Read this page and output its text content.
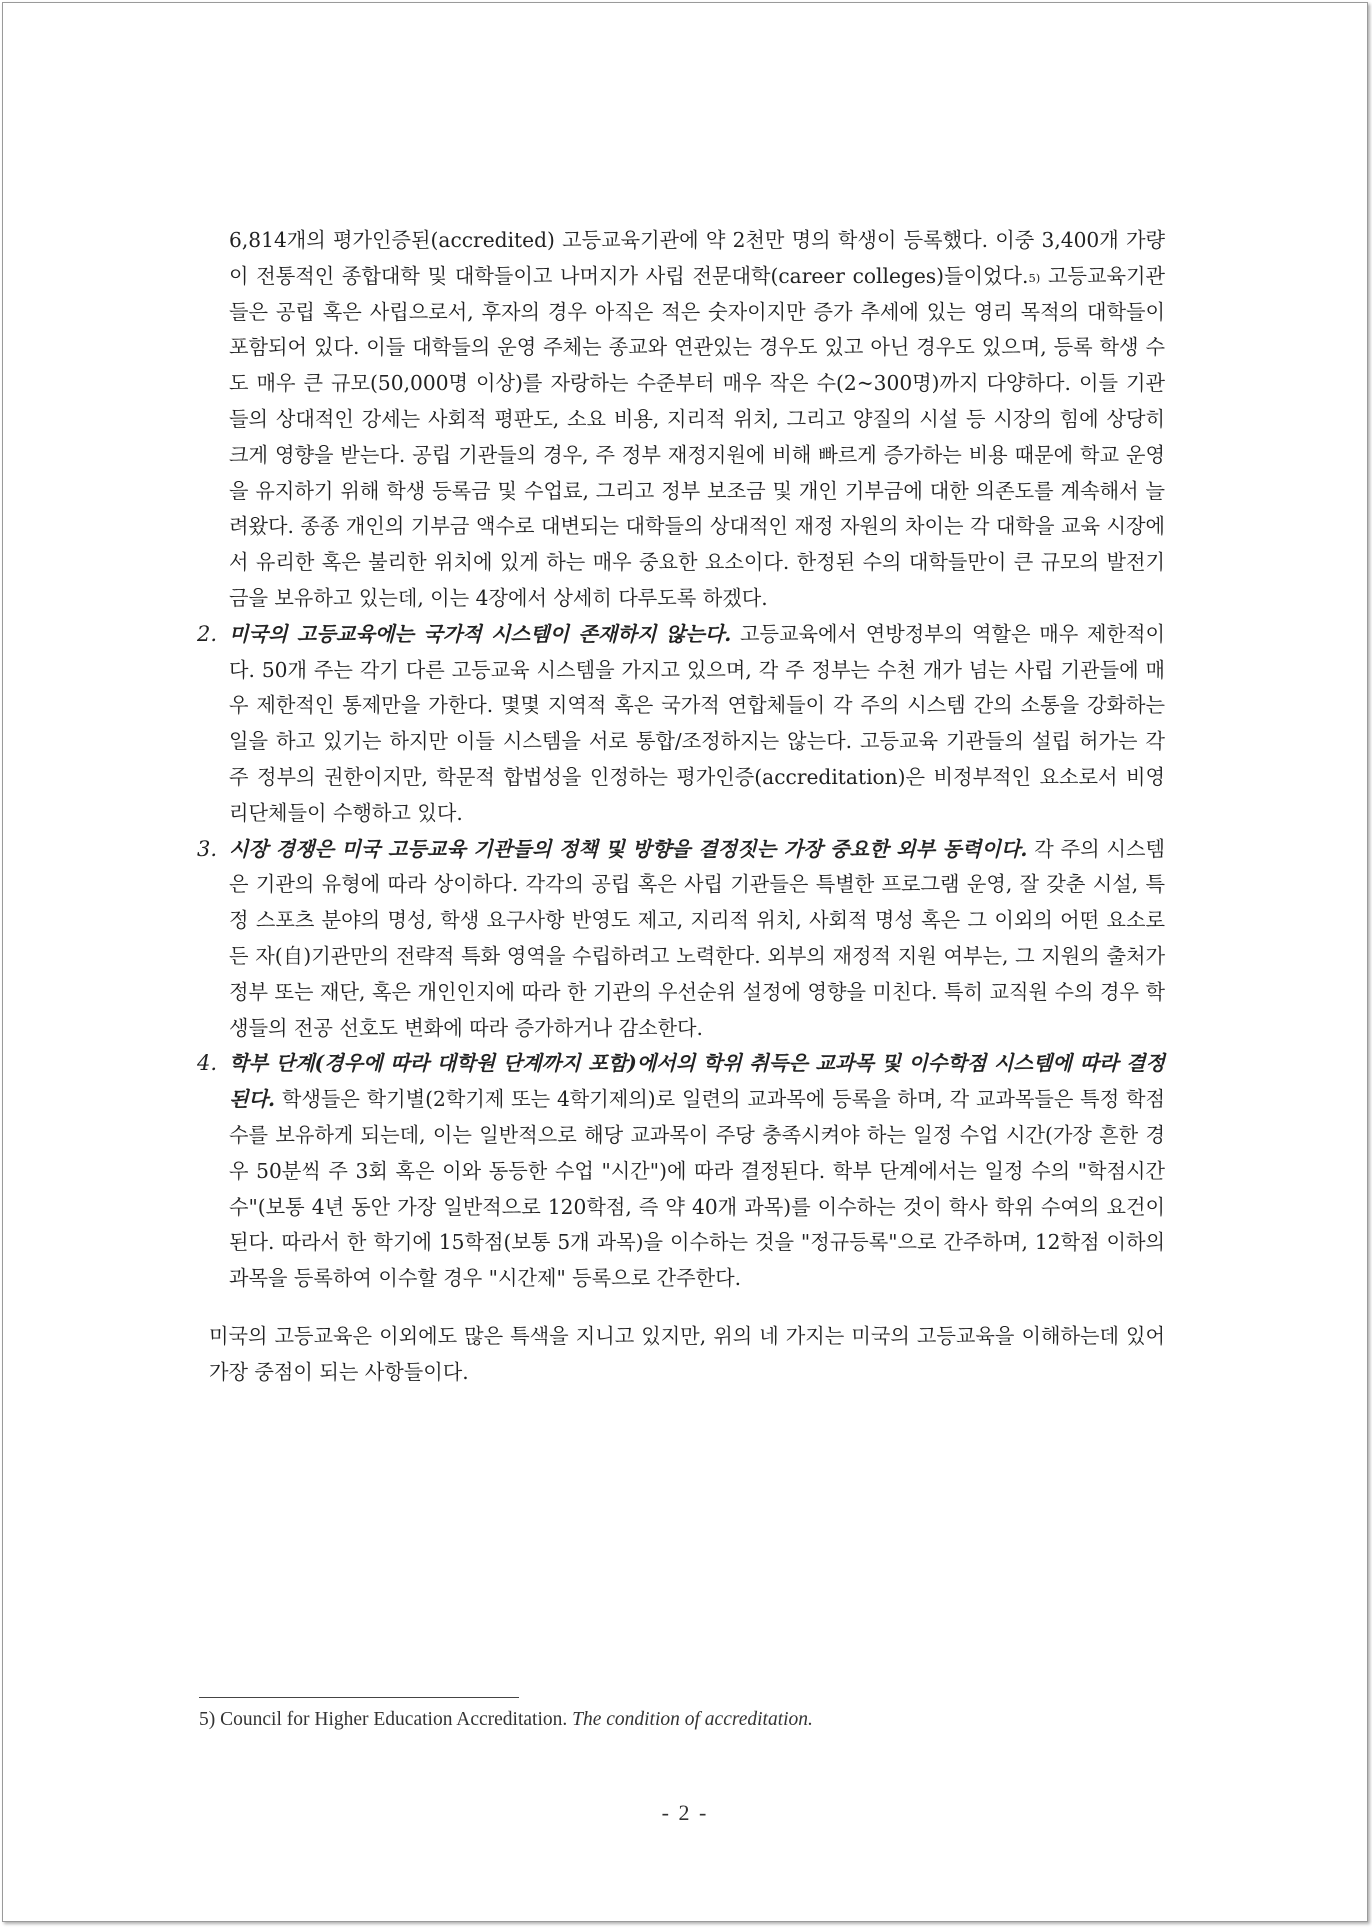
6,814개의 평가인증된(accredited) 고등교육기관에 약 2천만 명의 학생이 등록했다. 이중 3,400개 가량이 전통적인 종합대학 및 대학들이고 나머지가 사립 전문대학(career colleges)들이었다.$^{5)}$ 고등교육기관들은 공립 혹은 사립으로서, 후자의 경우 아직은 적은 숫자이지만 증가 추세에 있는 영리 목적의 대학들이 포함되어 있다. 이들 대학들의 운영 주체는 종교와 연관있는 경우도 있고 아닌 경우도 있으며, 등록 학생 수도 매우 큰 규모(50,000명 이상)를 자랑하는 수준부터 매우 작은 수(2~300명)까지 다양하다. 이들 기관들의 상대적인 강세는 사회적 평판도, 소요 비용, 지리적 위치, 그리고 양질의 시설 등 시장의 힘에 상당히 크게 영향을 받는다. 공립 기관들의 경우, 주 정부 재정지원에 비해 빠르게 증가하는 비용 때문에 학교 운영을 유지하기 위해 학생 등록금 및 수업료, 그리고 정부 보조금 및 개인 기부금에 대한 의존도를 계속해서 늘려왔다. 종종 개인의 기부금 액수로 대변되는 대학들의 상대적인 재정 자원의 차이는 각 대학을 교육 시장에서 유리한 혹은 불리한 위치에 있게 하는 매우 중요한 요소이다. 한정된 수의 대학들만이 큰 규모의 발전기금을 보유하고 있는데, 이는 4장에서 상세히 다루도록 하겠다.

2. 미국의 고등교육에는 국가적 시스템이 존재하지 않는다. 고등교육에서 연방정부의 역할은 매우 제한적이다. 50개 주는 각기 다른 고등교육 시스템을 가지고 있으며, 각 주 정부는 수천 개가 넘는 사립 기관들에 매우 제한적인 통제만을 가한다. 몇몇 지역적 혹은 국가적 연합체들이 각 주의 시스템 간의 소통을 강화하는 일을 하고 있기는 하지만 이들 시스템을 서로 통합/조정하지는 않는다. 고등교육 기관들의 설립 허가는 각 주 정부의 권한이지만, 학문적 합법성을 인정하는 평가인증(accreditation)은 비정부적인 요소로서 비영리단체들이 수행하고 있다.

3. 시장 경쟁은 미국 고등교육 기관들의 정책 및 방향을 결정짓는 가장 중요한 외부 동력이다. 각 주의 시스템은 기관의 유형에 따라 상이하다. 각각의 공립 혹은 사립 기관들은 특별한 프로그램 운영, 잘 갖춘 시설, 특정 스포츠 분야의 명성, 학생 요구사항 반영도 제고, 지리적 위치, 사회적 명성 혹은 그 이외의 어떤 요소로든 자(自)기관만의 전략적 특화 영역을 수립하려고 노력한다. 외부의 재정적 지원 여부는, 그 지원의 출처가 정부 또는 재단, 혹은 개인인지에 따라 한 기관의 우선순위 설정에 영향을 미친다. 특히 교직원 수의 경우 학생들의 전공 선호도 변화에 따라 증가하거나 감소한다.

4. 학부 단계(경우에 따라 대학원 단계까지 포함)에서의 학위 취득은 교과목 및 이수학점 시스템에 따라 결정된다. 학생들은 학기별(2학기제 또는 4학기제의)로 일련의 교과목에 등록을 하며, 각 교과목들은 특정 학점수를 보유하게 되는데, 이는 일반적으로 해당 교과목이 주당 충족시켜야 하는 일정 수업 시간(가장 흔한 경우 50분씩 주 3회 혹은 이와 동등한 수업 "시간")에 따라 결정된다. 학부 단계에서는 일정 수의 "학점시간수"(보통 4년 동안 가장 일반적으로 120학점, 즉 약 40개 과목)를 이수하는 것이 학사 학위 수여의 요건이 된다. 따라서 한 학기에 15학점(보통 5개 과목)을 이수하는 것을 "정규등록"으로 간주하며, 12학점 이하의 과목을 등록하여 이수할 경우 "시간제" 등록으로 간주한다.

미국의 고등교육은 이외에도 많은 특색을 지니고 있지만, 위의 네 가지는 미국의 고등교육을 이해하는데 있어 가장 중점이 되는 사항들이다.

5) Council for Higher Education Accreditation. The condition of accreditation.
- 2 -
